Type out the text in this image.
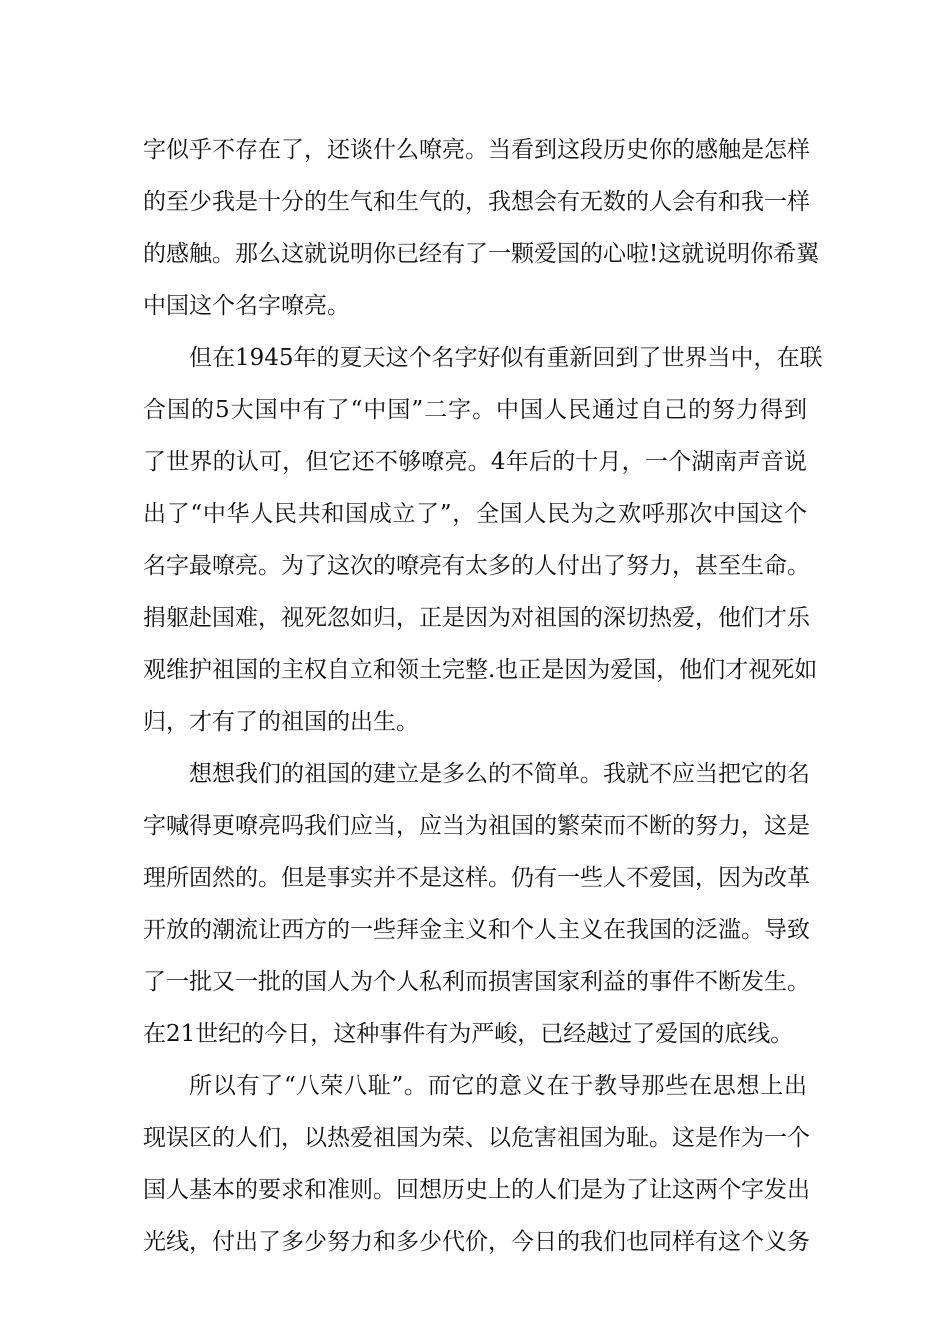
字似乎不存在了，还谈什么嘹亮。当看到这段历史你的感触是怎样
的至少我是十分的生气和生气的，我想会有无数的人会有和我一样
的感触。那么这就说明你已经有了一颗爱国的心啦!这就说明你希翼
中国这个名字嘹亮。
但在1945年的夏天这个名字好似有重新回到了世界当中，在联
合国的5大国中有了“中国”二字。中国人民通过自己的努力得到
了世界的认可，但它还不够嘹亮。4年后的十月，一个湖南声音说
出了“中华人民共和国成立了”，全国人民为之欢呼那次中国这个
名字最嘹亮。为了这次的嘹亮有太多的人付出了努力，甚至生命。
捐躯赴国难，视死忽如归，正是因为对祖国的深切热爱，他们才乐
观维护祖国的主权自立和领土完整.也正是因为爱国，他们才视死如
归，才有了的祖国的出生。
想想我们的祖国的建立是多么的不简单。我就不应当把它的名
字喊得更嘹亮吗我们应当，应当为祖国的繁荣而不断的努力，这是
理所固然的。但是事实并不是这样。仍有一些人不爱国，因为改革
开放的潮流让西方的一些拜金主义和个人主义在我国的泛滥。导致
了一批又一批的国人为个人私利而损害国家利益的事件不断发生。
在21世纪的今日，这种事件有为严峻，已经越过了爱国的底线。
所以有了“八荣八耻”。而它的意义在于教导那些在思想上出
现误区的人们，以热爱祖国为荣、以危害祖国为耻。这是作为一个
国人基本的要求和准则。回想历史上的人们是为了让这两个字发出
光线，付出了多少努力和多少代价，今日的我们也同样有这个义务
